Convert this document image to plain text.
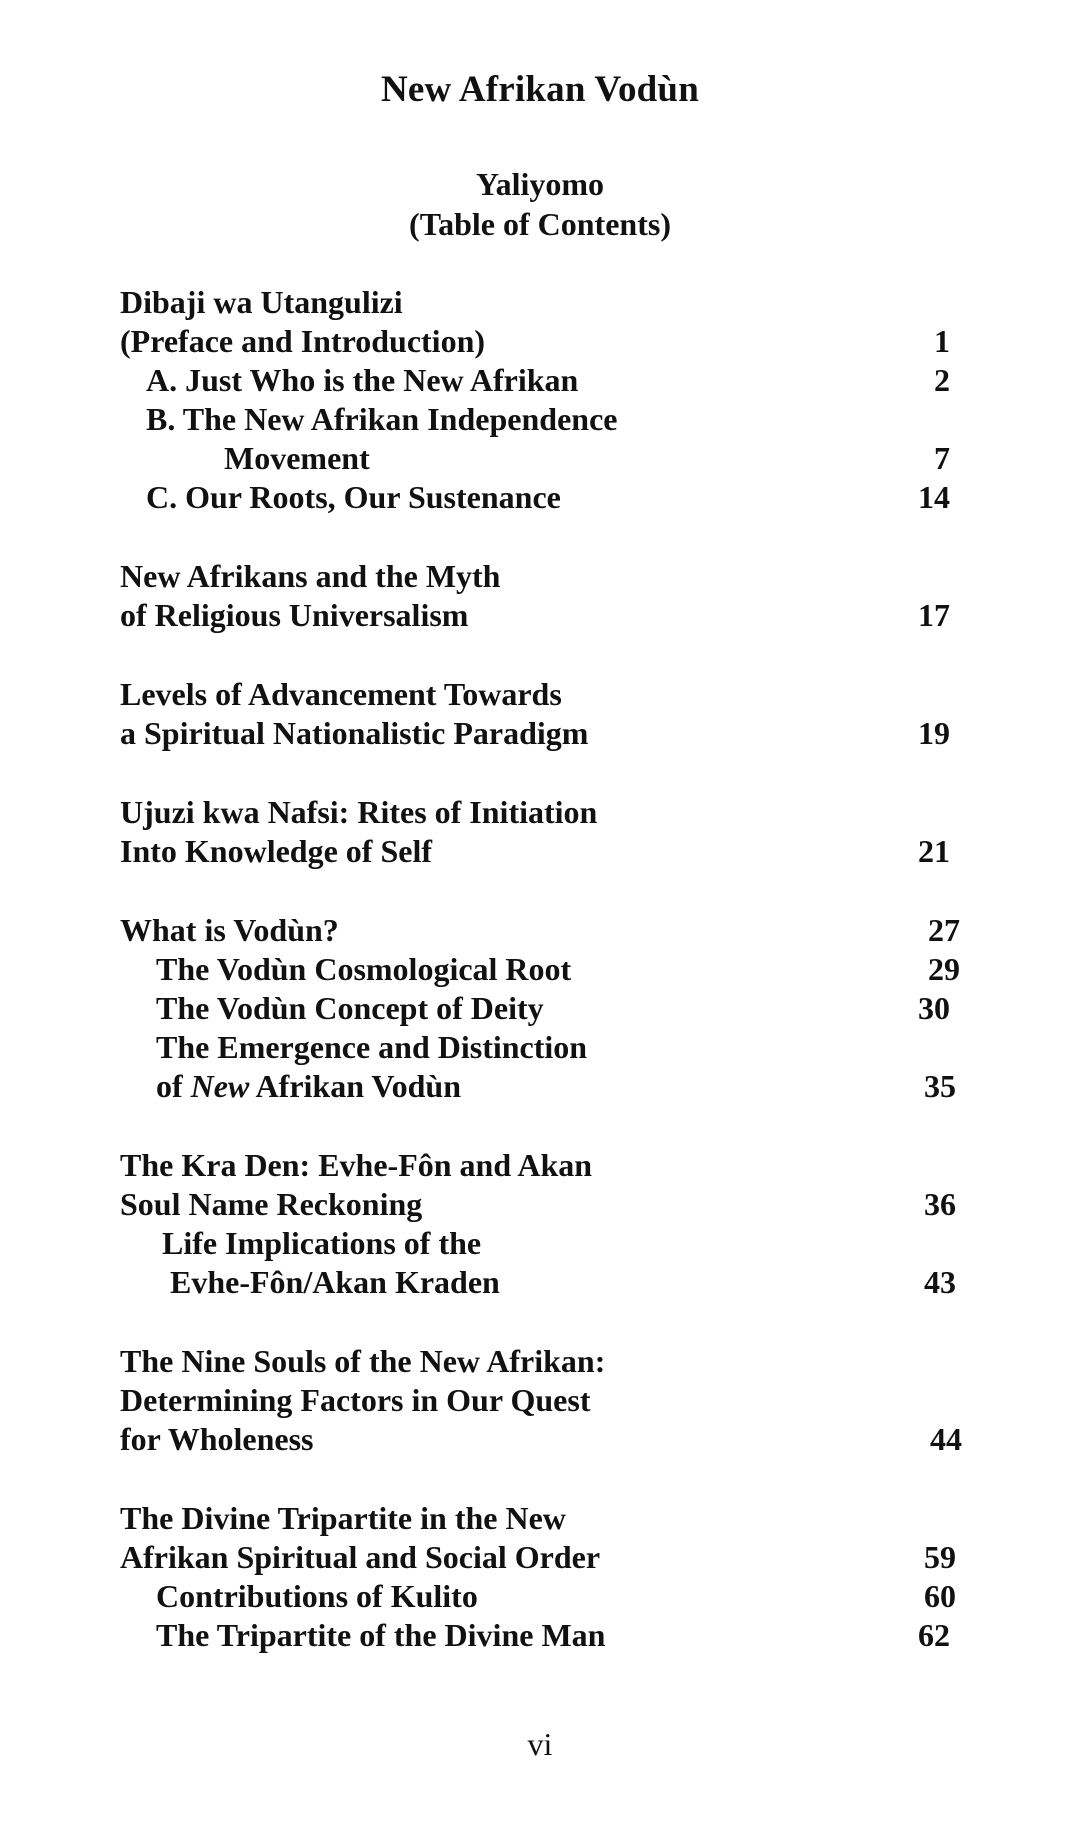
New Afrikan Vodùn
Yaliyomo
(Table of Contents)
Dibaji wa Utangulizi
(Preface and Introduction)	1
A. Just Who is the New Afrikan	2
B. The New Afrikan Independence
Movement	7
C. Our Roots, Our Sustenance	14
New Afrikans and the Myth
of Religious Universalism	17
Levels of Advancement Towards
a Spiritual Nationalistic Paradigm	19
Ujuzi kwa Nafsi: Rites of Initiation
Into Knowledge of Self	21
What is Vodùn?	27
The Vodùn Cosmological Root	29
The Vodùn Concept of Deity	30
The Emergence and Distinction
of New Afrikan Vodùn	35
The Kra Den: Evhe-Fôn and Akan
Soul Name Reckoning	36
Life Implications of the
Evhe-Fôn/Akan Kraden	43
The Nine Souls of the New Afrikan:
Determining Factors in Our Quest
for Wholeness	44
The Divine Tripartite in the New
Afrikan Spiritual and Social Order	59
Contributions of Kulito	60
The Tripartite of the Divine Man	62
vi
